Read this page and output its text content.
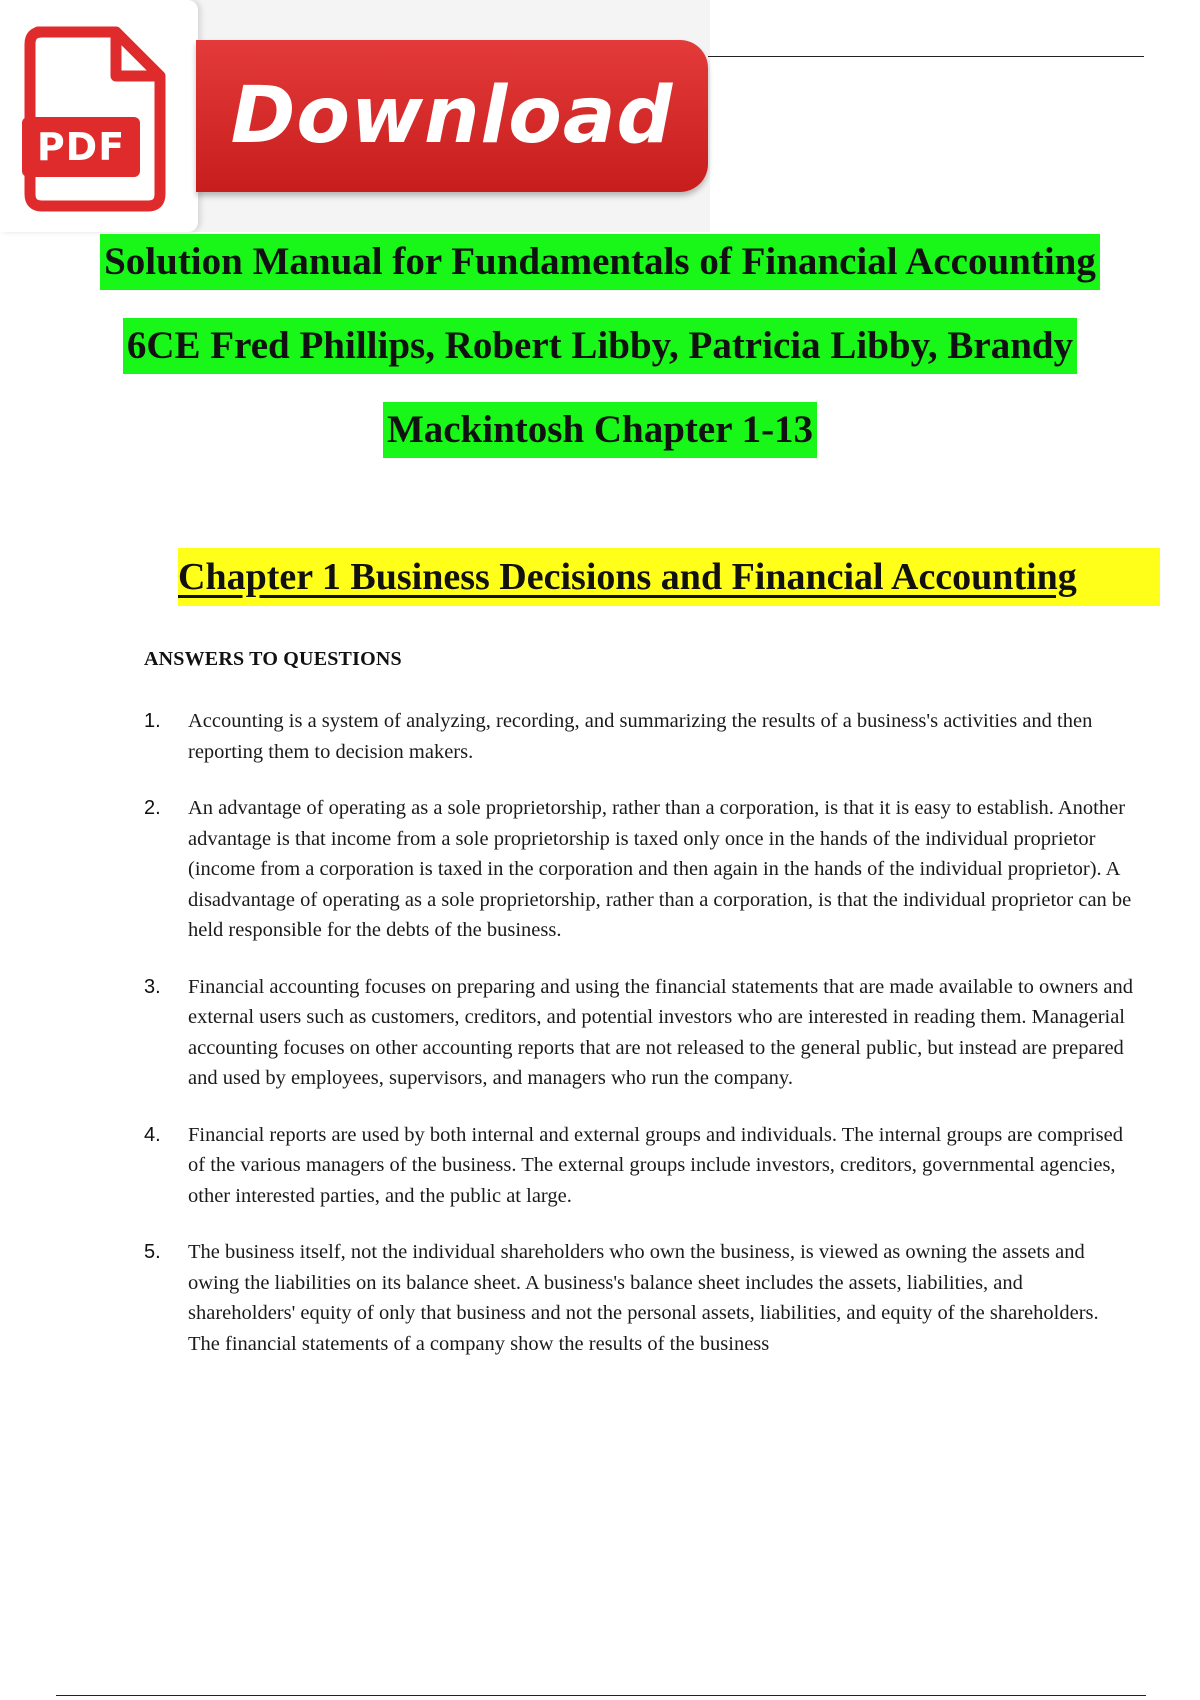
PDF	Download
Solution Manual for Fundamentals of Financial Accounting
6CE Fred Phillips, Robert Libby, Patricia Libby, Brandy
Mackintosh Chapter 1-13
Chapter 1 Business Decisions and Financial Accounting
ANSWERS TO QUESTIONS
1. Accounting is a system of analyzing, recording, and summarizing the results of a business's activities and then reporting them to decision makers.
2. An advantage of operating as a sole proprietorship, rather than a corporation, is that it is easy to establish. Another advantage is that income from a sole proprietorship is taxed only once in the hands of the individual proprietor (income from a corporation is taxed in the corporation and then again in the hands of the individual proprietor). A disadvantage of operating as a sole proprietorship, rather than a corporation, is that the individual proprietor can be held responsible for the debts of the business.
3. Financial accounting focuses on preparing and using the financial statements that are made available to owners and external users such as customers, creditors, and potential investors who are interested in reading them. Managerial accounting focuses on other accounting reports that are not released to the general public, but instead are prepared and used by employees, supervisors, and managers who run the company.
4. Financial reports are used by both internal and external groups and individuals. The internal groups are comprised of the various managers of the business. The external groups include investors, creditors, governmental agencies, other interested parties, and the public at large.
5. The business itself, not the individual shareholders who own the business, is viewed as owning the assets and owing the liabilities on its balance sheet. A business's balance sheet includes the assets, liabilities, and shareholders' equity of only that business and not the personal assets, liabilities, and equity of the shareholders. The financial statements of a company show the results of the business
